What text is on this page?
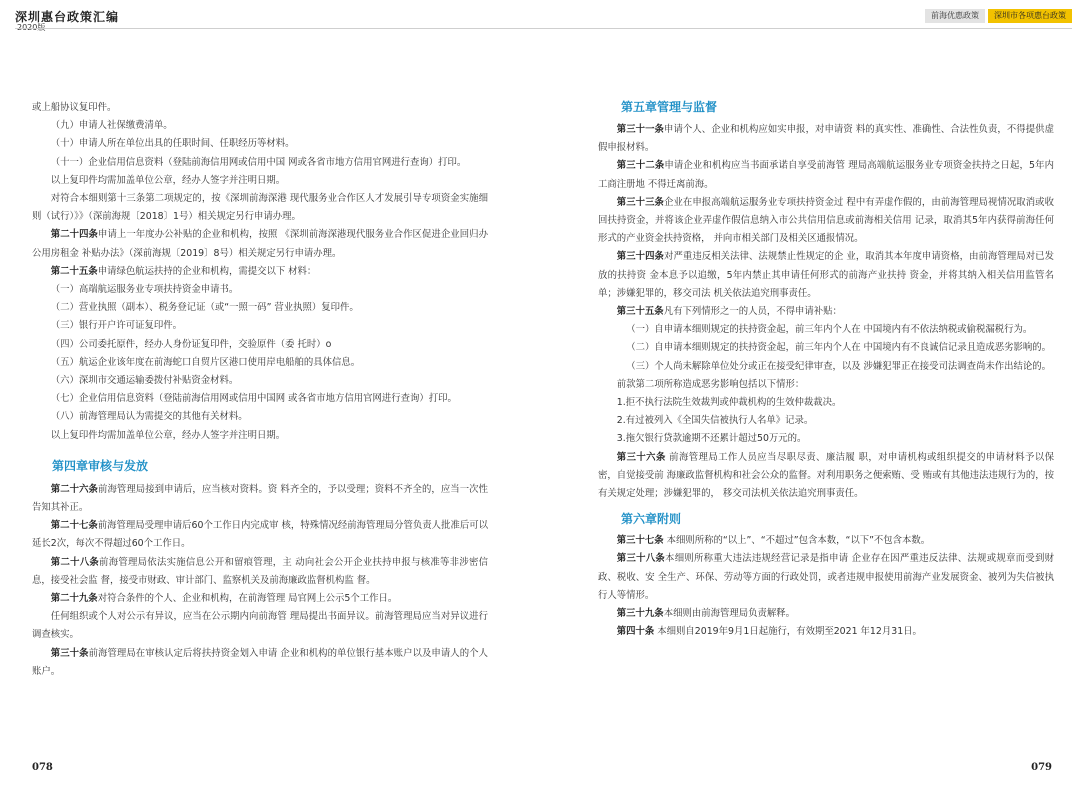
深圳惠台政策汇编	前海优惠政策	深圳市各项惠台政策
或上船协议复印件。
（九）申请人社保缴费清单。
（十）申请人所在单位出具的任职时间、任职经历等材料。
（十一）企业信用信息资料（登陆前海信用网或信用中国 网或各省市地方信用官网进行查询）打印。
以上复印件均需加盖单位公章，经办人签字并注明日期。
对符合本细则第十三条第二项规定的，按《深圳前海深港 现代服务业合作区人才发展引导专项资金实施细则（试行）》》（深前海规〔2018〕1号）相关规定另行申请办理。
第二十四条申请上一年度办公补贴的企业和机构，按照 《深圳前海深港现代服务业合作区促进企业回归办公用房租金 补贴办法》（深前海规〔2019〕8号）相关规定另行申请办理。
第二十五条申请绿色航运扶持的企业和机构，需提交以下 材料：
（一）高端航运服务业专项扶持资金申请书。
（二）营业执照（副本）、税务登记证（或“一照一码” 营业执照）复印件。
（三）银行开户许可证复印件。
（四）公司委托原件，经办人身份证复印件，交验原件（委 托时）o
（五）航运企业该年度在前海蛇口自贸片区港口使用岸电船舶的具体信息。
（六）深圳市交通运输委拨付补贴资金材料。
（七）企业信用信息资料（登陆前海信用网或信用中国网 或各省市地方信用官网进行查询）打印。
（八）前海管理局认为需提交的其他有关材料。
以上复印件均需加盖单位公章，经办人签字并注明日期。
第四章审核与发放
第二十六条前海管理局接到申请后，应当核对资料。资 料齐全的，予以受理；资料不齐全的，应当一次性告知其补正。
第二十七条前海管理局受理申请后60个工作日内完成审 核，特殊情况经前海管理局分管负责人批准后可以延长2次，每次不得超过60个工作日。
第二十八条前海管理局依法实施信息公开和留痕管理，主 动向社会公开企业扶持申报与核准等非涉密信息，接受社会监 督，接受市财政、审计部门、监察机关及前海廉政监督机构监 督。
第二十九条对符合条件的个人、企业和机构，在前海管理 局官网上公示5个工作日。
任何组织或个人对公示有异议，应当在公示期内向前海管 理局提出书面异议。前海管理局应当对异议进行调查核实。
第三十条前海管理局在审核认定后将扶持资金划入申请 企业和机构的单位银行基本账户以及申请人的个人账户。
第五章管理与监督
第三十一条申请个人、企业和机构应如实申报，对申请资 料的真实性、准确性、合法性负责，不得提供虚假申报材料。
第三十二条申请企业和机构应当书面承诺自享受前海管 理局高端航运服务业专项资金扶持之日起，5年内工商注册地 不得迁离前海。
第三十三条企业在申报高端航运服务业专项扶持资金过 程中有弄虚作假的，由前海管理局视情况取消或收回扶持资金，并将该企业弄虚作假信息纳入市公共信用信息或前海相关信用 记录，取消其5年内获得前海任何形式的产业资金扶持资格， 并向市相关部门及相关区通报情况。
第三十四条对严重违反相关法律、法规禁止性规定的企 业，取消其本年度申请资格，由前海管理局对已发放的扶持资 金本息予以追缴，5年内禁止其申请任何形式的前海产业扶持 资金，并将其纳入相关信用监管名单；涉嫌犯罪的，移交司法 机关依法追究刑事责任。
第三十五条凡有下列情形之一的人员，不得申请补贴：
（一）自申请本细则规定的扶持资金起，前三年内个人在 中国境内有不依法纳税或偷税漏税行为。
（二）自申请本细则规定的扶持资金起，前三年内个人在 中国境内有不良诚信记录且造成恶劣影响的。
（三）个人尚未解除单位处分或正在接受纪律审查，以及 涉嫌犯罪正在接受司法调查尚未作出结论的。
前款第二项所称造成恶劣影响包括以下情形：
1.拒不执行法院生效裁判或仲裁机构的生效仲裁裁决。
2.有过被列入《全国失信被执行人名单》记录。
3.拖欠银行贷款逾期不还累计超过50万元的。
第三十六条 前海管理局工作人员应当尽职尽责、廉洁履 职，对申请机构或组织提交的申请材料予以保密，自觉接受前 海廉政监督机构和社会公众的监督。对利用职务之便索贿、受 贿或有其他违法违规行为的，按有关规定处理；涉嫌犯罪的， 移交司法机关依法追究刑事责任。
第六章附则
第三十七条 本细则所称的“以上”、“不超过”包含本数，“以下”不包含本数。
第三十八条本细则所称重大违法违规经营记录是指申请 企业存在因严重违反法律、法规或规章而受到财政、税收、安 全生产、环保、劳动等方面的行政处罚，或者违规申报使用前海产业发展资金、被列为失信被执行人等情形。
第三十九条本细则由前海管理局负责解释。
第四十条 本细则自2019年9月1日起施行，有效期至2021 年12月31日。
078	079
